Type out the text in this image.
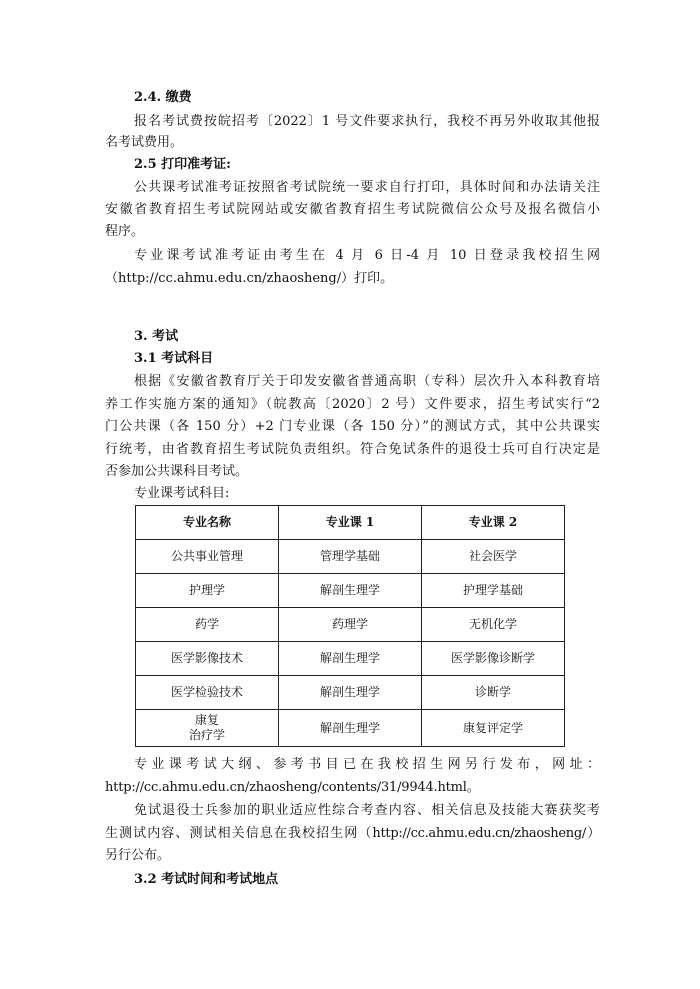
2.4. 缴费
报名考试费按皖招考〔2022〕1 号文件要求执行，我校不再另外收取其他报
名考试费用。
2.5 打印准考证:
公共课考试准考证按照省考试院统一要求自行打印，具体时间和办法请关注
安徽省教育招生考试院网站或安徽省教育招生考试院微信公众号及报名微信小
程序。
专业课考试准考证由考生在 4 月 6 日-4 月 10 日登录我校招生网
（http://cc.ahmu.edu.cn/zhaosheng/）打印。
3. 考试
3.1 考试科目
根据《安徽省教育厅关于印发安徽省普通高职（专科）层次升入本科教育培
养工作实施方案的通知》（皖教高〔2020〕2 号）文件要求，招生考试实行“2
门公共课（各 150 分）+2 门专业课（各 150 分）”的测试方式，其中公共课实
行统考，由省教育招生考试院负责组织。符合免试条件的退役士兵可自行决定是
否参加公共课科目考试。
专业课考试科目:
专业名称	专业课 1	专业课 2
公共事业管理	管理学基础	社会医学
护理学	解剖生理学	护理学基础
药学	药理学	无机化学
医学影像技术	解剖生理学	医学影像诊断学
医学检验技术	解剖生理学	诊断学

康复
治疗学	解剖生理学	康复评定学
专业课考试大纲、参考书目已在我校招生网另行发布，网址：
http://cc.ahmu.edu.cn/zhaosheng/contents/31/9944.html。
免试退役士兵参加的职业适应性综合考查内容、相关信息及技能大赛获奖考
生测试内容、测试相关信息在我校招生网（http://cc.ahmu.edu.cn/zhaosheng/）
另行公布。
3.2 考试时间和考试地点
